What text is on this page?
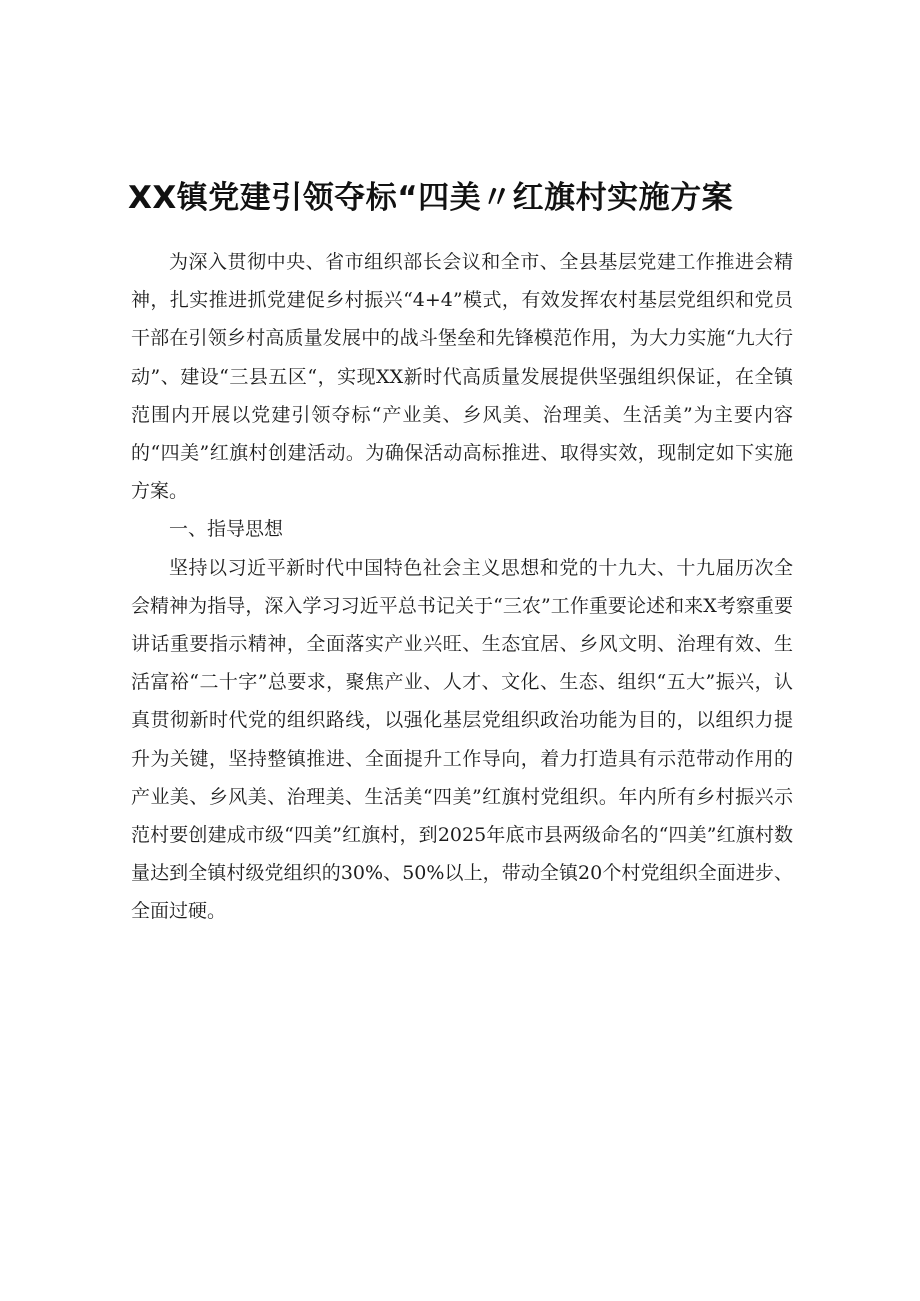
XX镇党建引领夺标“四美〃红旗村实施方案

为深入贯彻中央、省市组织部长会议和全市、全县基层党建工作推进会精神，扎实推进抓党建促乡村振兴“4+4”模式，有效发挥农村基层党组织和党员干部在引领乡村高质量发展中的战斗堡垒和先锋模范作用，为大力实施“九大行动”、建设“三县五区“，实现XX新时代高质量发展提供坚强组织保证，在全镇范围内开展以党建引领夺标“产业美、乡风美、治理美、生活美”为主要内容的“四美”红旗村创建活动。为确保活动高标推进、取得实效，现制定如下实施方案。

一、指导思想

坚持以习近平新时代中国特色社会主义思想和党的十九大、十九届历次全会精神为指导，深入学习习近平总书记关于“三农”工作重要论述和来X考察重要讲话重要指示精神，全面落实产业兴旺、生态宜居、乡风文明、治理有效、生活富裕“二十字”总要求，聚焦产业、人才、文化、生态、组织“五大”振兴，认真贯彻新时代党的组织路线，以强化基层党组织政治功能为目的，以组织力提升为关键，坚持整镇推进、全面提升工作导向，着力打造具有示范带动作用的产业美、乡风美、治理美、生活美“四美”红旗村党组织。年内所有乡村振兴示范村要创建成市级“四美”红旗村，到2025年底市县两级命名的“四美”红旗村数量达到全镇村级党组织的30%、50%以上，带动全镇20个村党组织全面进步、全面过硬。
